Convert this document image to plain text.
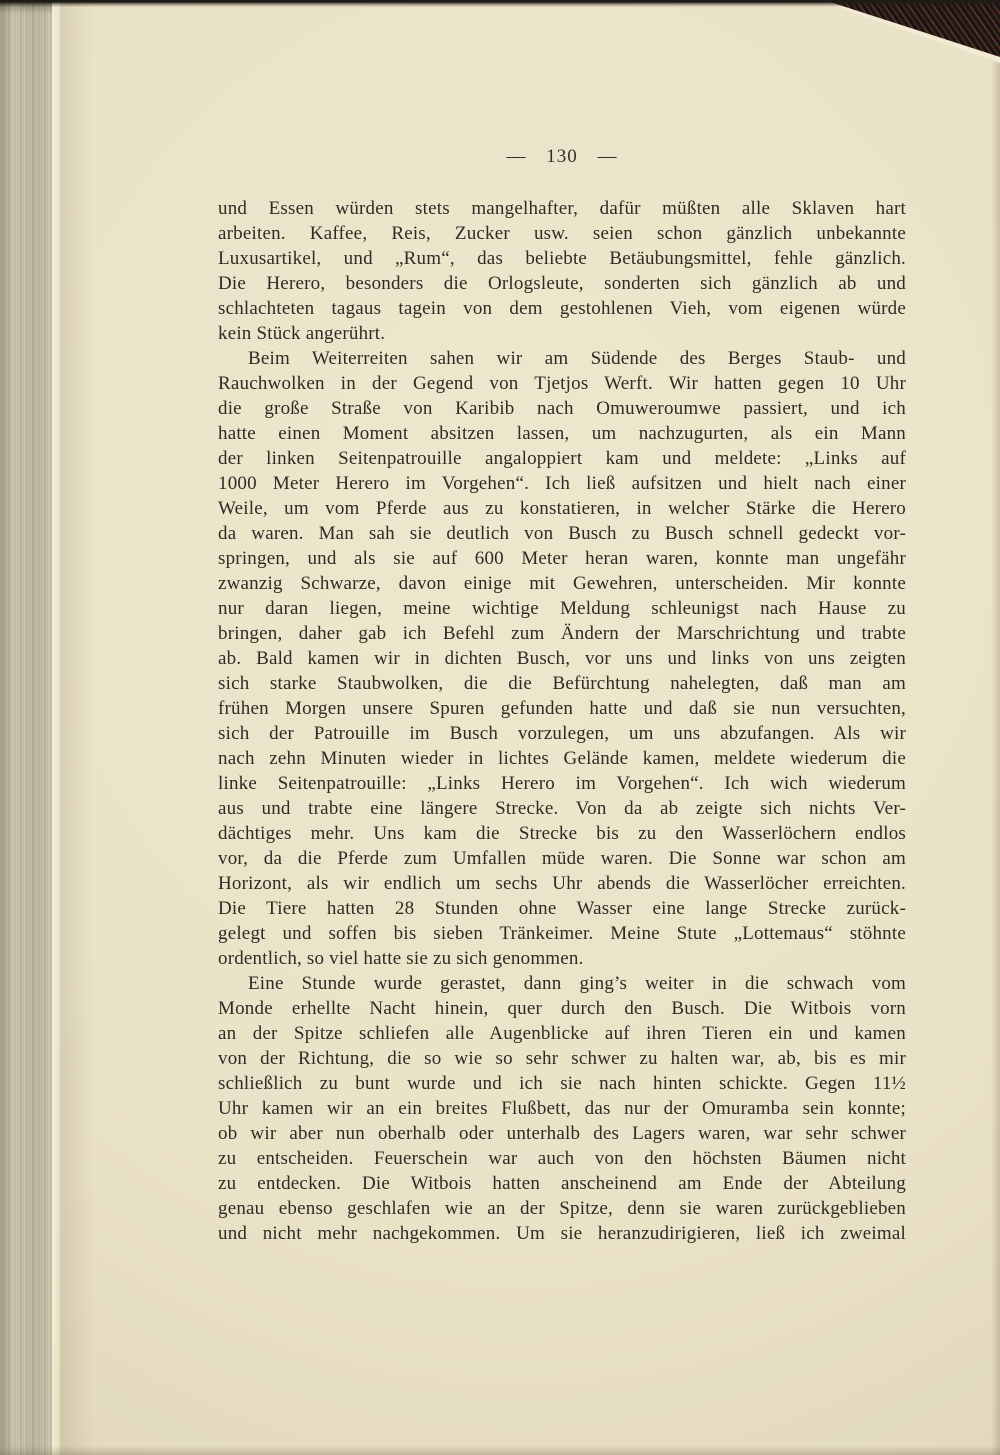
— 130 —
und Essen würden stets mangelhafter, dafür müßten alle Sklaven hart
arbeiten. Kaffee, Reis, Zucker usw. seien schon gänzlich unbekannte
Luxusartikel, und „Rum“, das beliebte Betäubungsmittel, fehle gänzlich.
Die Herero, besonders die Orlogsleute, sonderten sich gänzlich ab und
schlachteten tagaus tagein von dem gestohlenen Vieh, vom eigenen würde
kein Stück angerührt.
Beim Weiterreiten sahen wir am Südende des Berges Staub- und
Rauchwolken in der Gegend von Tjetjos Werft. Wir hatten gegen 10 Uhr
die große Straße von Karibib nach Omuweroumwe passiert, und ich
hatte einen Moment absitzen lassen, um nachzugurten, als ein Mann
der linken Seitenpatrouille angaloppiert kam und meldete: „Links auf
1000 Meter Herero im Vorgehen“. Ich ließ aufsitzen und hielt nach einer
Weile, um vom Pferde aus zu konstatieren, in welcher Stärke die Herero
da waren. Man sah sie deutlich von Busch zu Busch schnell gedeckt vor-
springen, und als sie auf 600 Meter heran waren, konnte man ungefähr
zwanzig Schwarze, davon einige mit Gewehren, unterscheiden. Mir konnte
nur daran liegen, meine wichtige Meldung schleunigst nach Hause zu
bringen, daher gab ich Befehl zum Ändern der Marschrichtung und trabte
ab. Bald kamen wir in dichten Busch, vor uns und links von uns zeigten
sich starke Staubwolken, die die Befürchtung nahelegten, daß man am
frühen Morgen unsere Spuren gefunden hatte und daß sie nun versuchten,
sich der Patrouille im Busch vorzulegen, um uns abzufangen. Als wir
nach zehn Minuten wieder in lichtes Gelände kamen, meldete wiederum die
linke Seitenpatrouille: „Links Herero im Vorgehen“. Ich wich wiederum
aus und trabte eine längere Strecke. Von da ab zeigte sich nichts Ver-
dächtiges mehr. Uns kam die Strecke bis zu den Wasserlöchern endlos
vor, da die Pferde zum Umfallen müde waren. Die Sonne war schon am
Horizont, als wir endlich um sechs Uhr abends die Wasserlöcher erreichten.
Die Tiere hatten 28 Stunden ohne Wasser eine lange Strecke zurück-
gelegt und soffen bis sieben Tränkeimer. Meine Stute „Lottemaus“ stöhnte
ordentlich, so viel hatte sie zu sich genommen.
Eine Stunde wurde gerastet, dann ging’s weiter in die schwach vom
Monde erhellte Nacht hinein, quer durch den Busch. Die Witbois vorn
an der Spitze schliefen alle Augenblicke auf ihren Tieren ein und kamen
von der Richtung, die so wie so sehr schwer zu halten war, ab, bis es mir
schließlich zu bunt wurde und ich sie nach hinten schickte. Gegen 11½
Uhr kamen wir an ein breites Flußbett, das nur der Omuramba sein konnte;
ob wir aber nun oberhalb oder unterhalb des Lagers waren, war sehr schwer
zu entscheiden. Feuerschein war auch von den höchsten Bäumen nicht
zu entdecken. Die Witbois hatten anscheinend am Ende der Abteilung
genau ebenso geschlafen wie an der Spitze, denn sie waren zurückgeblieben
und nicht mehr nachgekommen. Um sie heranzudirigieren, ließ ich zweimal
